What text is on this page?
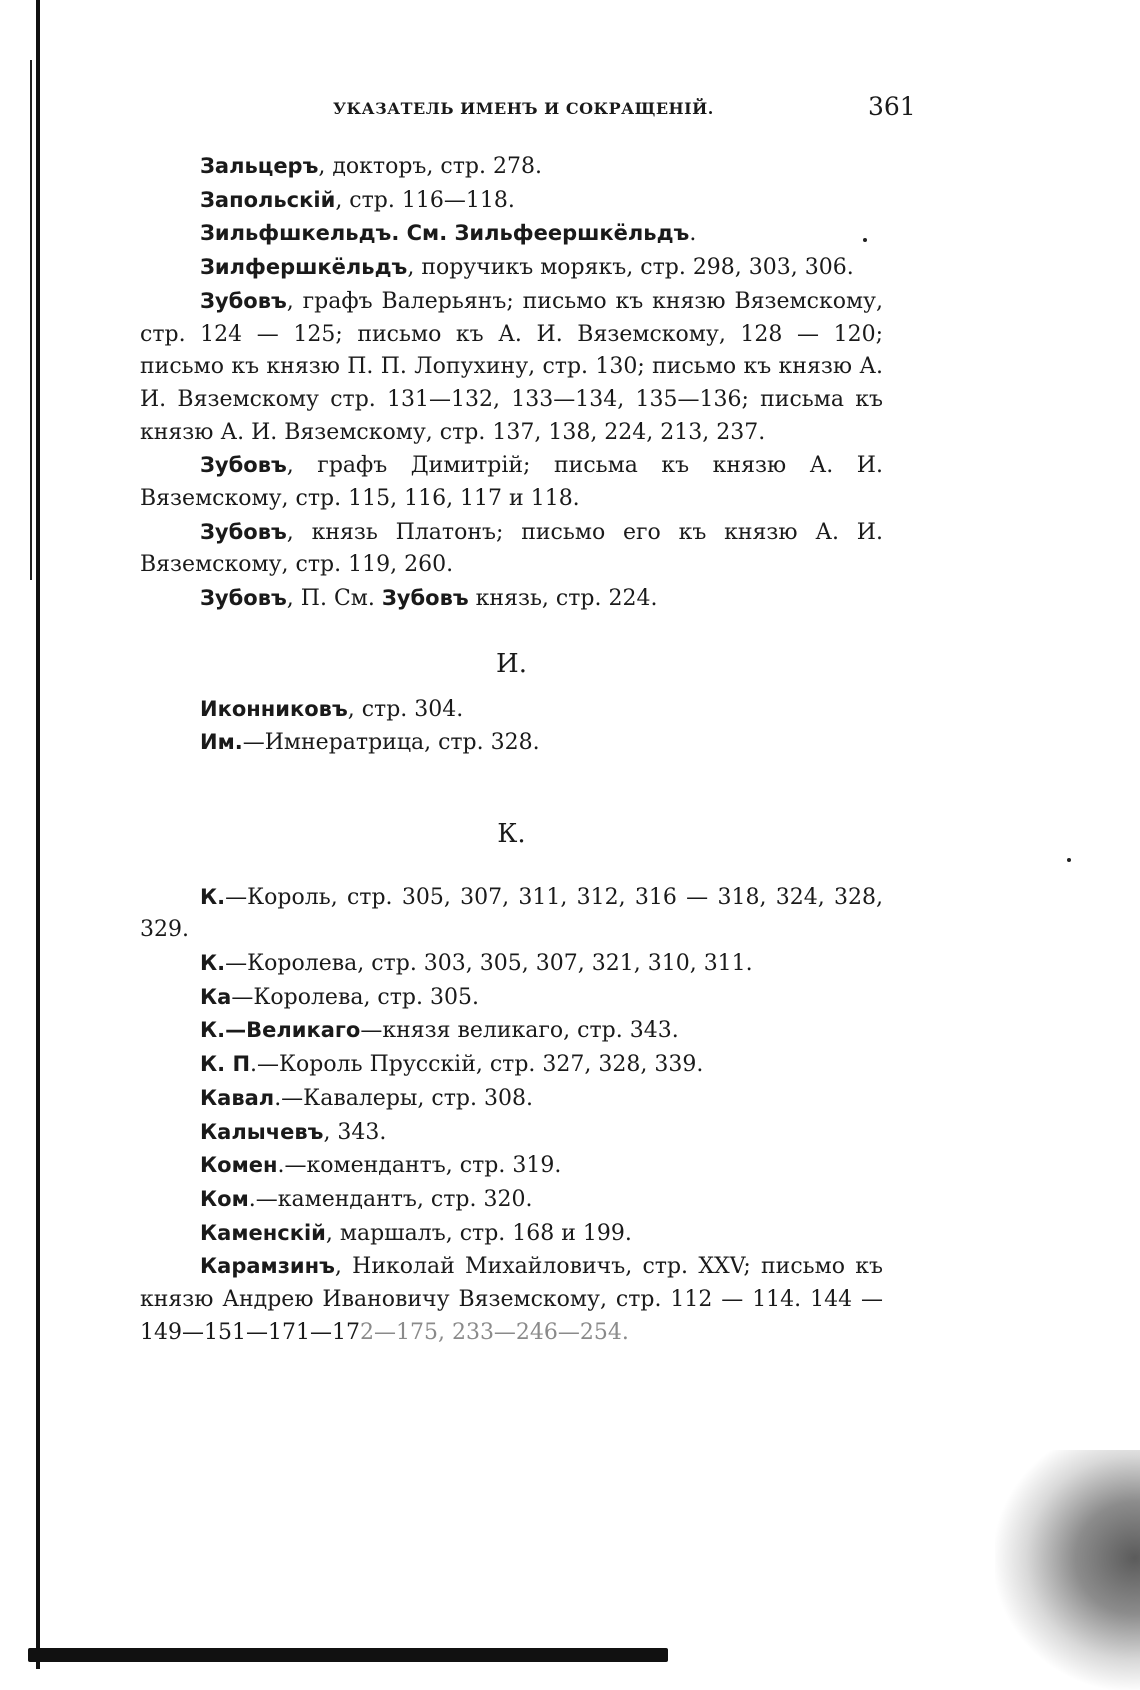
УКАЗАТЕЛЬ ИМЕНЪ И СОКРАЩЕНІЙ.	361

Зальцеръ, докторъ, стр. 278.

Запольскій, стр. 116—118.

Зильфшкельдъ. См. Зильфеершкёльдъ.

Зилфершкёльдъ, поручикъ морякъ, стр. 298, 303, 306.

Зубовъ, графъ Валерьянъ; письмо къ князю Вяземскому, стр. 124 — 125; письмо къ А. И. Вяземскому, 128 — 120; письмо къ князю П. П. Лопухину, стр. 130; письмо къ князю А. И. Вяземскому стр. 131—132, 133—134, 135—136; письма къ князю А. И. Вяземскому, стр. 137, 138, 224, 213, 237.

Зубовъ, графъ Димитрій; письма къ князю А. И. Вяземскому, стр. 115, 116, 117 и 118.

Зубовъ, князь Платонъ; письмо его къ князю А. И. Вяземскому, стр. 119, 260.

Зубовъ, П. См. Зубовъ князь, стр. 224.

И.

Иконниковъ, стр. 304.

Им.—Имнератрица, стр. 328.

К.

К.—Король, стр. 305, 307, 311, 312, 316 — 318, 324, 328, 329.

К.—Королева, стр. 303, 305, 307, 321, 310, 311.

Ка—Королева, стр. 305.

К.—Великаго—князя великаго, стр. 343.

К. П.—Король Прусскій, стр. 327, 328, 339.

Кавал.—Кавалеры, стр. 308.

Калычевъ, 343.

Комен.—комендантъ, стр. 319.

Ком.—камендантъ, стр. 320.

Каменскій, маршалъ, стр. 168 и 199.

Карамзинъ, Николай Михайловичъ, стр. XXV; письмо къ князю Андрею Ивановичу Вяземскому, стр. 112 — 114. 144 — 149—151—171—172—175, 233—246—254.
